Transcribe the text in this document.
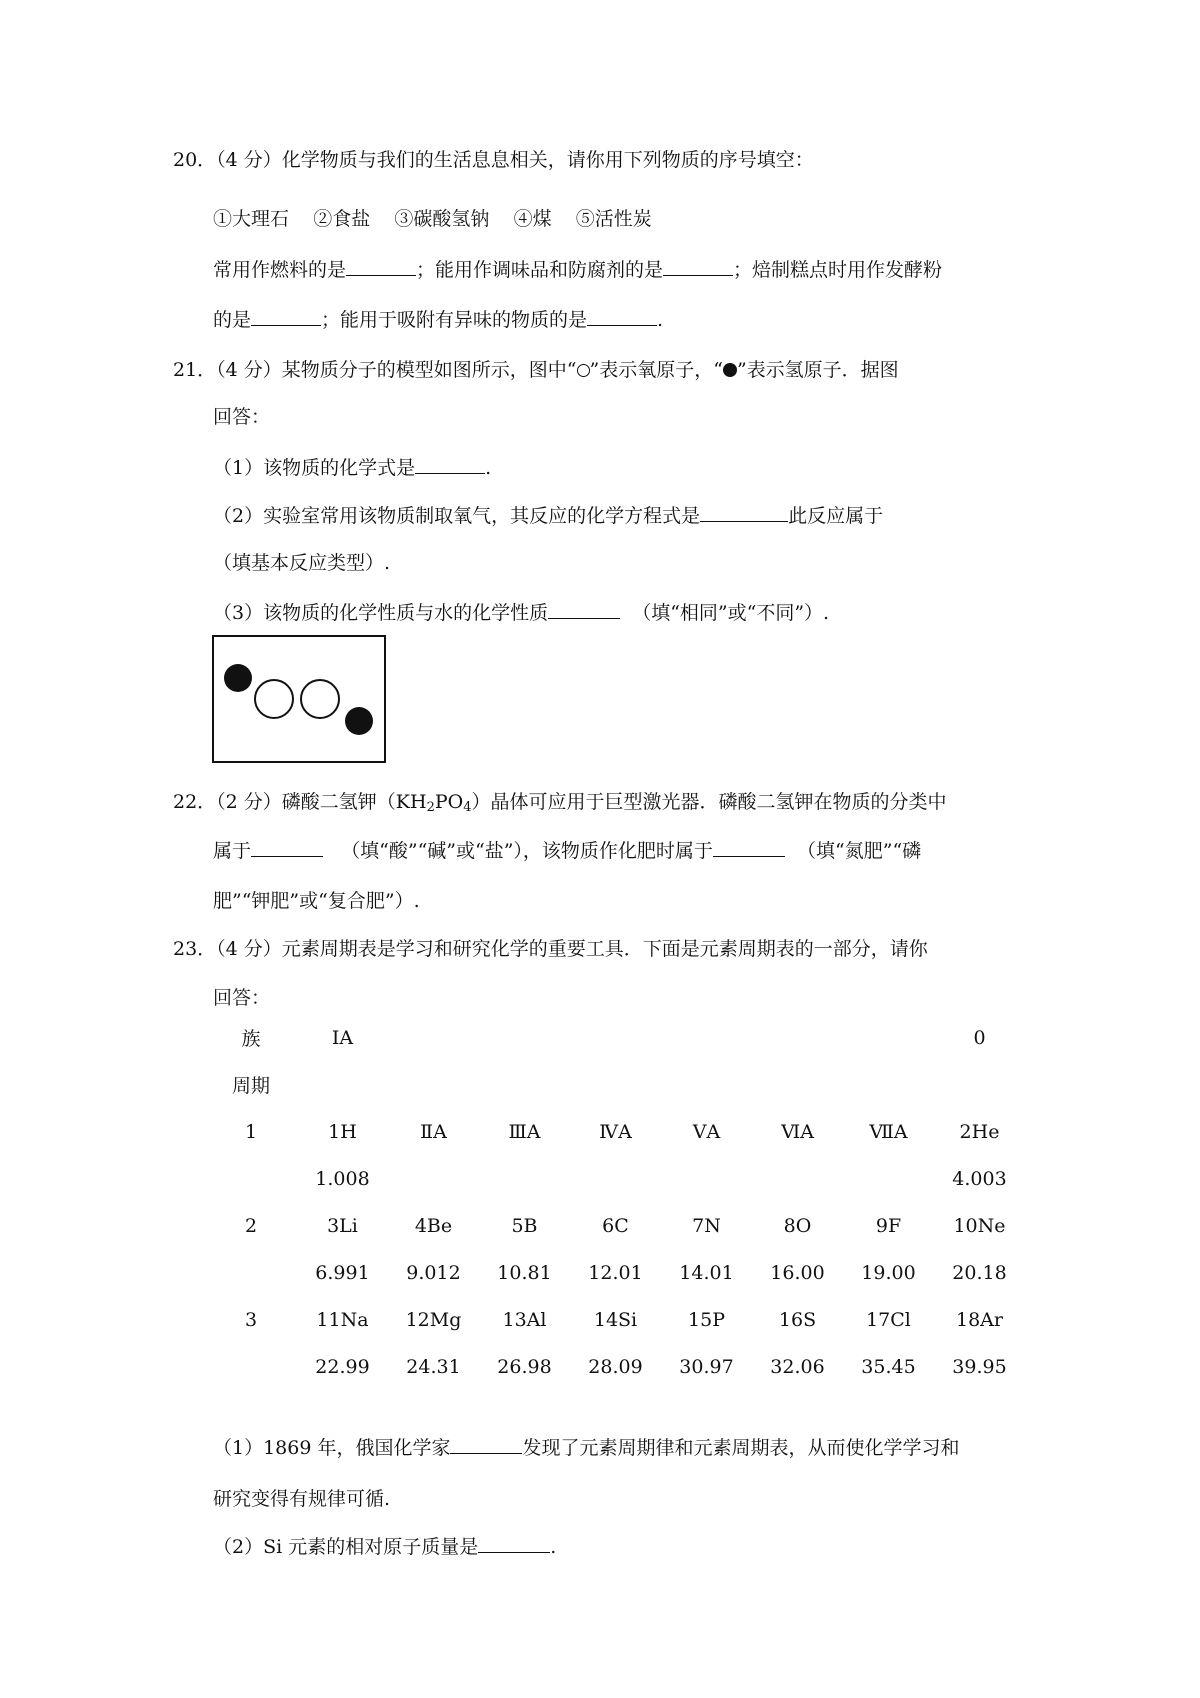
20．（4 分）化学物质与我们的生活息息相关，请你用下列物质的序号填空：
①大理石 ②食盐 ③碳酸氢钠 ④煤 ⑤活性炭
常用作燃料的是	；能用作调味品和防腐剂的是	；焙制糕点时用作发酵粉
的是	；能用于吸附有异味的物质的是	.
21．（4 分）某物质分子的模型如图所示，图中“ ”表示氧原子，“ ”表示氢原子．据图
回答：
（1）该物质的化学式是	.
（2）实验室常用该物质制取氧气，其反应的化学方程式是	此反应属于
（填基本反应类型）.
（3）该物质的化学性质与水的化学性质	（填“相同”或“不同”）.
22．（2 分）磷酸二氢钾$(KH_2PO_4)$晶体可应用于巨型激光器．磷酸二氢钾在物质的分类中
属于	（填“酸”“碱”或“盐”），该物质作化肥时属于	（填“氮肥”“磷
肥”“钾肥”或“复合肥”）.
23．（4 分）元素周期表是学习和研究化学的重要工具．下面是元素周期表的一部分，请你
回答：
族	ⅠA							0
周期								
1	1H	ⅡA	ⅢA	ⅣA	ⅤA	ⅥA	ⅦA	2He
	1.008							4.003
2	3Li	4Be	5B	6C	7N	8O	9F	10Ne
	6.991	9.012	10.81	12.01	14.01	16.00	19.00	20.18
3	11Na	12Mg	13Al	14Si	15P	16S	17Cl	18Ar
	22.99	24.31	26.98	28.09	30.97	32.06	35.45	39.95
（1）1869 年，俄国化学家	发现了元素周期律和元素周期表，从而使化学学习和
研究变得有规律可循.
（2）Si 元素的相对原子质量是	.
